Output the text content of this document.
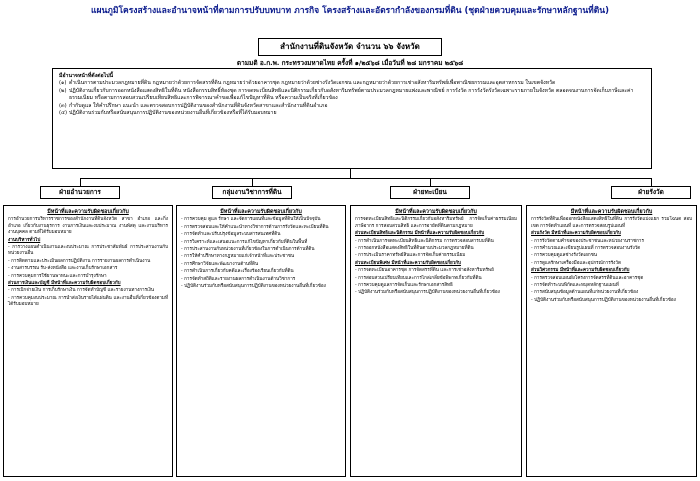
แผนภูมิโครงสร้างและอำนาจหน้าที่ตามการปรับบทบาท ภารกิจ โครงสร้างและอัตรากำลังของกรมที่ดิน (ชุดฝ่ายควบคุมและรักษาหลักฐานที่ดิน)
สำนักงานที่ดินจังหวัด จำนวน ๖๖ จังหวัด
ตามมติ อ.ก.พ. กระทรวงมหาดไทย ครั้งที่ ๑/๒๕๖๘ เมื่อวันที่ ๒๘ มกราคม ๒๕๖๘
มีอำนาจหน้าที่ดังต่อไปนี้
(๑) ดำเนินการตามประมวลกฎหมายที่ดิน กฎหมายว่าด้วยการจัดสรรที่ดิน กฎหมายว่าด้วยอาคารชุด กฎหมายว่าด้วยช่างรังวัดเอกชน และกฎหมายว่าด้วยการเช่าอสังหาริมทรัพย์เพื่อพาณิชยกรรมและอุตสาหกรรม ในเขตจังหวัด
(๒) ปฏิบัติงานเกี่ยวกับการออกหนังสือแสดงสิทธิในที่ดิน หนังสือกรรมสิทธิ์ห้องชุด การจดทะเบียนสิทธิและนิติกรรมเกี่ยวกับอสังหาริมทรัพย์ตามประมวลกฎหมายแพ่งและพาณิชย์ การรังวัด การรังวัดรังวัดเฉพาะรายภายในจังหวัด ตลอดจนงานการจัดเก็บภาษีและค่าธรรมเนียม หรือตามการสอบสวนเปรียบเทียบสิทธิและการพิจารณาคำขอเพื่อแก้ไขปัญหาที่ดิน หรือความเป็นจริงที่เกี่ยวข้อง
(๓) กำกับดูแล ให้คำปรึกษา แนะนำ และตรวจสอบการปฏิบัติงานของสำนักงานที่ดินจังหวัดสาขาและสำนักงานที่ดินอำเภอ
(๔) ปฏิบัติงานร่วมกับหรือสนับสนุนการปฏิบัติงานของหน่วยงานอื่นที่เกี่ยวข้องหรือที่ได้รับมอบหมาย
ฝ่ายอำนวยการ	กลุ่มงานวิชาการที่ดิน	ฝ่ายทะเบียน	ฝ่ายรังวัด
มีหน้าที่และความรับผิดชอบเกี่ยวกับ

การอำนวยการบริหารราชการของสำนักงานที่ดินจังหวัด สาขา อำเภอ และกิ่งอำเภอ เกี่ยวกับงานธุรการ งานการเงินและงบประมาณ งานพัสดุ และงานบริหารงานบุคคล ตามที่ได้รับมอบหมาย

งานบริหารทั่วไป

- การวางแผนดำเนินงานและงบประมาณ การประชาสัมพันธ์ การประสานงานกับหน่วยงานอื่น

- การติดตามและประเมินผลการปฏิบัติงาน การรายงานผลการดำเนินงาน

- งานสารบรรณ รับ-ส่งหนังสือ และงานเก็บรักษาเอกสาร

- การควบคุมการใช้ยานพาหนะและการบำรุงรักษา

ส่วนการเงินและบัญชี มีหน้าที่และความรับผิดชอบเกี่ยวกับ

- การเบิกจ่ายเงิน การเก็บรักษาเงิน การจัดทำบัญชี และรายงานทางการเงิน

- การควบคุมงบประมาณ การนำส่งเงินรายได้แผ่นดิน และงานอื่นที่เกี่ยวข้องตามที่ได้รับมอบหมาย

มีหน้าที่และความรับผิดชอบเกี่ยวกับ

- การควบคุม ดูแล รักษา และจัดการแผนที่และข้อมูลที่ดินให้เป็นปัจจุบัน

- การตรวจสอบและให้คำแนะนำทางวิชาการด้านการรังวัดและทะเบียนที่ดิน

- การจัดทำและปรับปรุงข้อมูลระบบสารสนเทศที่ดิน

- การวิเคราะห์และเสนอแนะการแก้ไขปัญหาเกี่ยวกับที่ดินในพื้นที่

- การประสานงานกับหน่วยงานที่เกี่ยวข้องในการดำเนินการด้านที่ดิน

- การให้คำปรึกษาทางกฎหมายแก่เจ้าหน้าที่และประชาชน

- การศึกษาวิจัยและพัฒนางานด้านที่ดิน

- การดำเนินการเกี่ยวกับคดีและเรื่องร้องเรียนเกี่ยวกับที่ดิน

- การจัดทำสถิติและรายงานผลการดำเนินงานด้านวิชาการ

- ปฏิบัติงานร่วมกับหรือสนับสนุนการปฏิบัติงานของหน่วยงานอื่นที่เกี่ยวข้อง

มีหน้าที่และความรับผิดชอบเกี่ยวกับ

การจดทะเบียนสิทธิและนิติกรรมเกี่ยวกับอสังหาริมทรัพย์ การจัดเก็บค่าธรรมเนียม ภาษีอากร การสอบสวนสิทธิ และการอายัดที่ดินตามกฎหมาย

ส่วนทะเบียนสิทธิและนิติกรรม มีหน้าที่และความรับผิดชอบเกี่ยวกับ

- การดำเนินการจดทะเบียนสิทธิและนิติกรรม การตรวจสอบสารบบที่ดิน

- การออกหนังสือแสดงสิทธิในที่ดินตามประมวลกฎหมายที่ดิน

- การประเมินราคาทรัพย์สินและการจัดเก็บค่าธรรมเนียม

ส่วนทะเบียนพิเศษ มีหน้าที่และความรับผิดชอบเกี่ยวกับ

- การจดทะเบียนอาคารชุด การจัดสรรที่ดิน และการเช่าอสังหาริมทรัพย์

- การสอบสวนเปรียบเทียบและการไกล่เกลี่ยข้อพิพาทเกี่ยวกับที่ดิน

- การควบคุมดูแลการจัดเก็บและรักษาเอกสารสิทธิ

- ปฏิบัติงานร่วมกับหรือสนับสนุนการปฏิบัติงานของหน่วยงานอื่นที่เกี่ยวข้อง

มีหน้าที่และความรับผิดชอบเกี่ยวกับ

การรังวัดที่ดินเพื่อออกหนังสือแสดงสิทธิในที่ดิน การรังวัดแบ่งแยก รวมโฉนด สอบเขต การจัดทำแผนที่ และการตรวจสอบรูปแผนที่

ส่วนรังวัด มีหน้าที่และความรับผิดชอบเกี่ยวกับ

- การรังวัดตามคำขอของประชาชนและหน่วยงานราชการ

- การคำนวณและเขียนรูปแผนที่ การตรวจสอบงานรังวัด

- การควบคุมดูแลช่างรังวัดเอกชน

- การดูแลรักษาเครื่องมือและอุปกรณ์การรังวัด

ส่วนวิศวกรรม มีหน้าที่และความรับผิดชอบเกี่ยวกับ

- การตรวจสอบแผนผังโครงการจัดสรรที่ดินและอาคารชุด

- การจัดทำระบบพิกัดและหมุดหลักฐานแผนที่

- การสนับสนุนข้อมูลด้านแผนที่แก่หน่วยงานที่เกี่ยวข้อง

- ปฏิบัติงานร่วมกับหรือสนับสนุนการปฏิบัติงานของหน่วยงานอื่นที่เกี่ยวข้อง
